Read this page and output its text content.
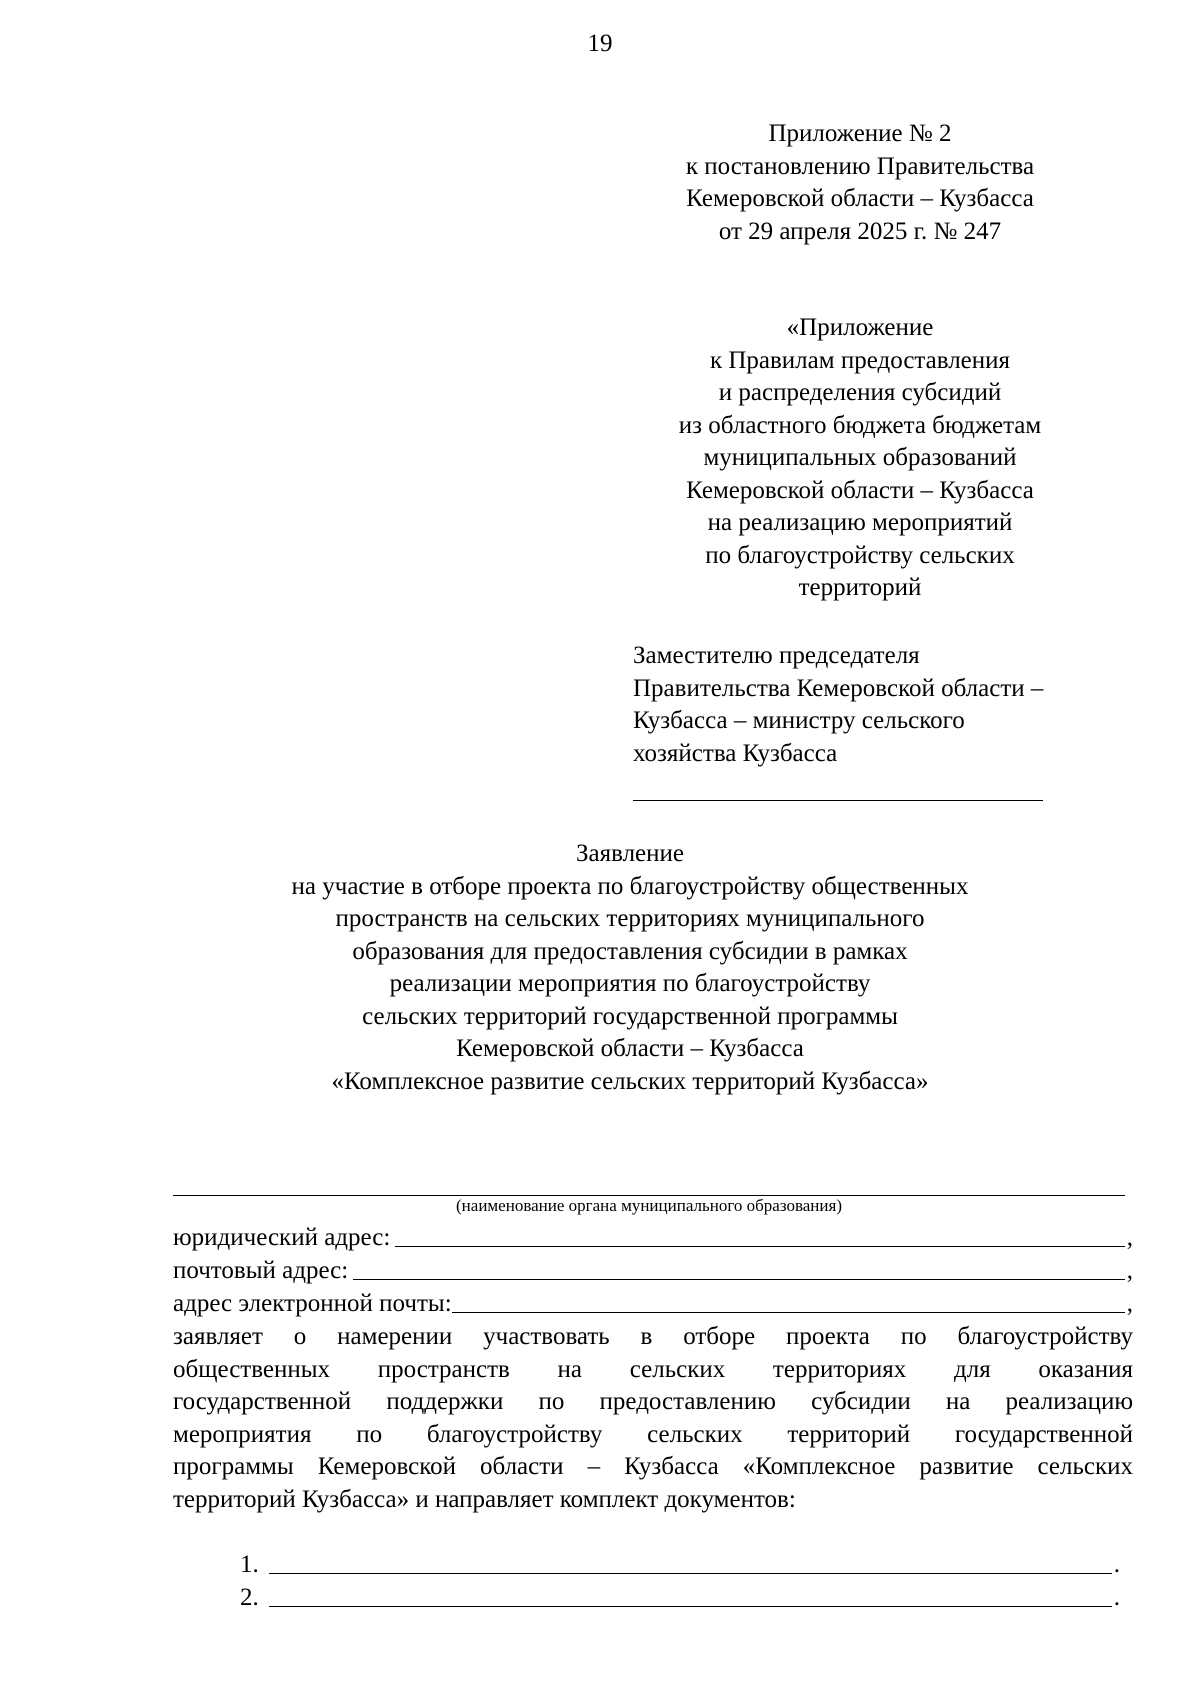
19
Приложение № 2
к постановлению Правительства
Кемеровской области – Кузбасса
от 29 апреля 2025 г. № 247
«Приложение
к Правилам предоставления
и распределения субсидий
из областного бюджета бюджетам
муниципальных образований
Кемеровской области – Кузбасса
на реализацию мероприятий
по благоустройству сельских
территорий
Заместителю председателя
Правительства Кемеровской области –
Кузбасса – министру сельского
хозяйства Кузбасса
Заявление
на участие в отборе проекта по благоустройству общественных
пространств на сельских территориях муниципального
образования для предоставления субсидии в рамках
реализации мероприятия по благоустройству
сельских территорий государственной программы
Кемеровской области – Кузбасса
«Комплексное развитие сельских территорий Кузбасса»
(наименование органа муниципального образования)
юридический адрес:	,
почтовый адрес:	,
адрес электронной почты:	,
заявляет о намерении участвовать в отборе проекта по благоустройству
общественных пространств на сельских территориях для оказания
государственной поддержки по предоставлению субсидии на реализацию
мероприятия по благоустройству сельских территорий государственной
программы Кемеровской области – Кузбасса «Комплексное развитие сельских
территорий Кузбасса» и направляет комплект документов:
1.	.
2.	.
